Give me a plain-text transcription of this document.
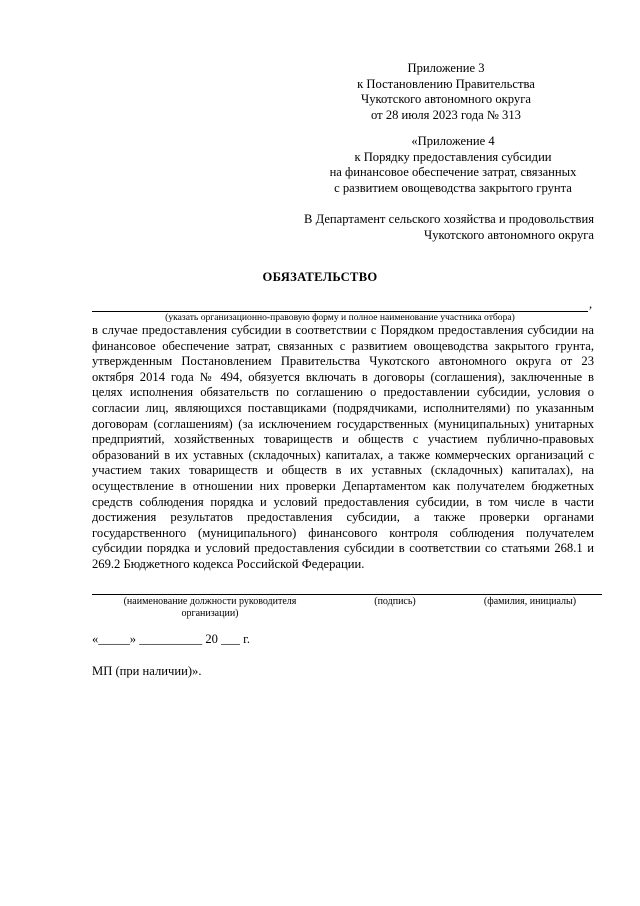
Приложение 3
к Постановлению Правительства
Чукотского автономного округа
от 28 июля 2023 года № 313
«Приложение 4
к Порядку предоставления субсидии
на финансовое обеспечение затрат, связанных
с развитием овощеводства закрытого грунта
В Департамент сельского хозяйства и продовольствия
Чукотского автономного округа
ОБЯЗАТЕЛЬСТВО
,
(указать организационно-правовую форму и полное наименование участника отбора)
в случае предоставления субсидии в соответствии с Порядком предоставления субсидии на финансовое обеспечение затрат, связанных с развитием овощеводства закрытого грунта, утвержденным Постановлением Правительства Чукотского автономного округа от 23 октября 2014 года № 494, обязуется включать в договоры (соглашения), заключенные в целях исполнения обязательств по соглашению о предоставлении субсидии, условия о согласии лиц, являющихся поставщиками (подрядчиками, исполнителями) по указанным договорам (соглашениям) (за исключением государственных (муниципальных) унитарных предприятий, хозяйственных товариществ и обществ с участием публично-правовых образований в их уставных (складочных) капиталах, а также коммерческих организаций с участием таких товариществ и обществ в их уставных (складочных) капиталах), на осуществление в отношении них проверки Департаментом как получателем бюджетных средств соблюдения порядка и условий предоставления субсидии, в том числе в части достижения результатов предоставления субсидии, а также проверки органами государственного (муниципального) финансового контроля соблюдения получателем субсидии порядка и условий предоставления субсидии в соответствии со статьями 268.1 и 269.2 Бюджетного кодекса Российской Федерации.
(наименование должности руководителя организации)
(подпись)	(фамилия, инициалы)
«_____» __________ 20 ___ г.
МП (при наличии)».
